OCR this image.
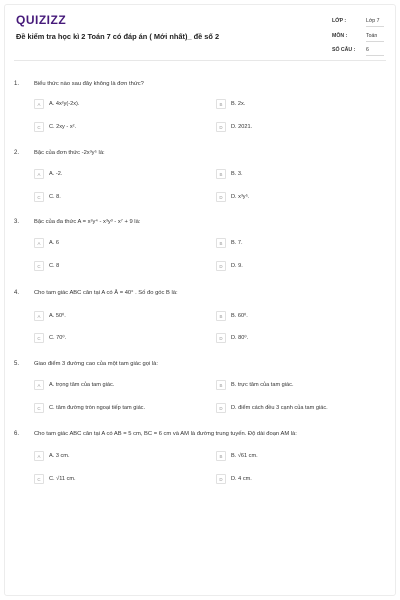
QUIZIZZ
Đề kiểm tra học kì 2 Toán 7 có đáp án ( Mới nhất)_ đề số 2
LỚP :	Lớp 7
MÔN :	Toán
SỐ CÂU : 6
1.	Biểu thức nào sau đây không là đơn thức?
A	A. 4x²y(-2x).	B	B. 2x.
C	C. 2xy - x².	D	D. 2021.
2.	Bậc của đơn thức -2x³y⁵ là:
A	A. -2.	B	B. 3.
C	C. 8.	D	D. x³y⁵.
3.	Bậc của đa thức A = x²y⁴ - x³y³ - x⁷ + 9 là:
A	A. 6	B	B. 7.
C	C. 8	D	D. 9.
4.	Cho tam giác ABC cân tại A có Â = 40° . Số đo góc B là:
A	A. 50⁰.	B	B. 60⁰.
C	C. 70⁰.	D	D. 80⁰.
5.	Giao điểm 3 đường cao của một tam giác gọi là:
A	A. trọng tâm của tam giác.	B	B. trực tâm của tam giác.
C	C. tâm đường tròn ngoại tiếp tam giác.	D	D. điểm cách đều 3 cạnh của tam giác.
6.	Cho tam giác ABC cân tại A có AB = 5 cm, BC = 6 cm và AM là đường trung tuyến. Độ dài đoạn AM là:
A	A. 3 cm.	B	B. √61 cm.
C	C. √11 cm.	D	D. 4 cm.
